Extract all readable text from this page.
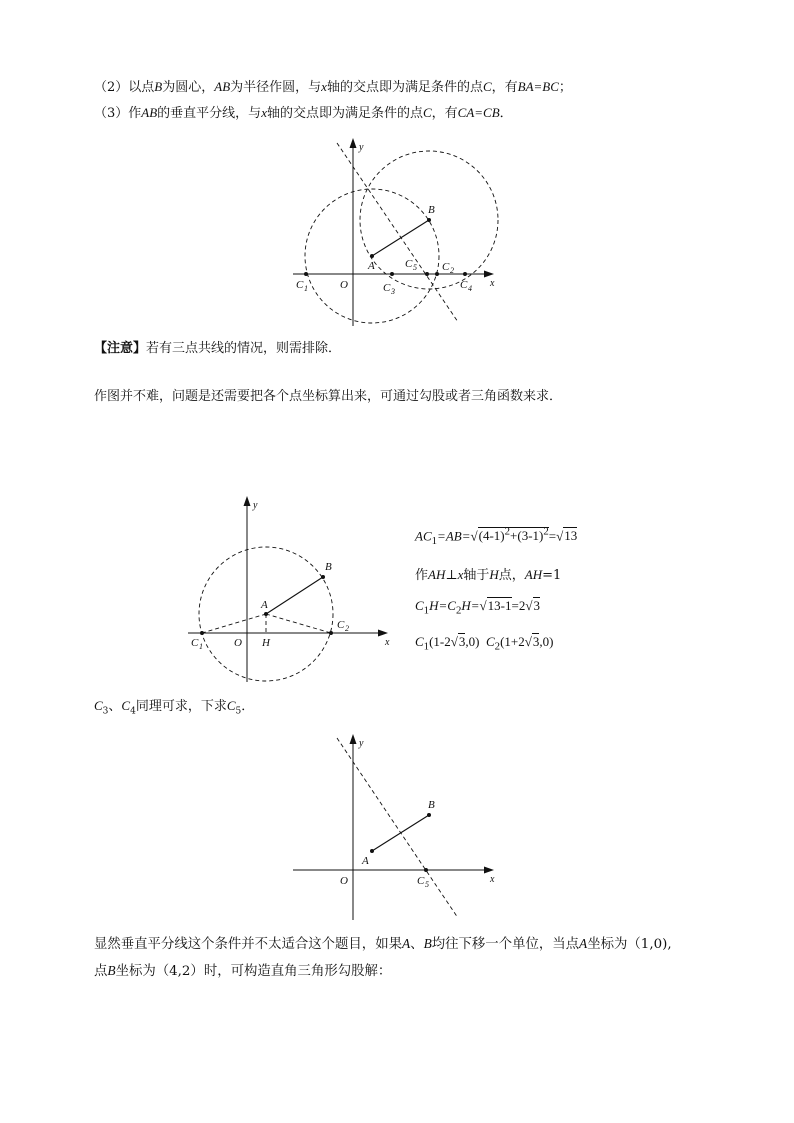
（2）以点B为圆心，AB为半径作圆，与x轴的交点即为满足条件的点C，有BA=BC；
（3）作AB的垂直平分线，与x轴的交点即为满足条件的点C，有CA=CB．
y
x
O
A
B
C 1	C 3
C 5 C 2
C 4
【注意】若有三点共线的情况，则需排除．
作图并不难，问题是还需要把各个点坐标算出来，可通过勾股或者三角函数来求．
y
x
O
A
B
H
C 1
C 2
$AC_1=AB=√(4-1)^2+(3-1)^2=√13$
作AH⊥x轴于H点，AH=1
$C_1H=C_2H=√13-1=2√3$
$C_1(1-2√3,0)$ $C_2(1+2√3,0)$
$C_3$、$C_4$同理可求，下求$C_5$．
y
x
O
A
B
C 5
显然垂直平分线这个条件并不太适合这个题目，如果A、B均往下移一个单位，当点A坐标为（1,0),
点B坐标为（4,2）时，可构造直角三角形勾股解：
